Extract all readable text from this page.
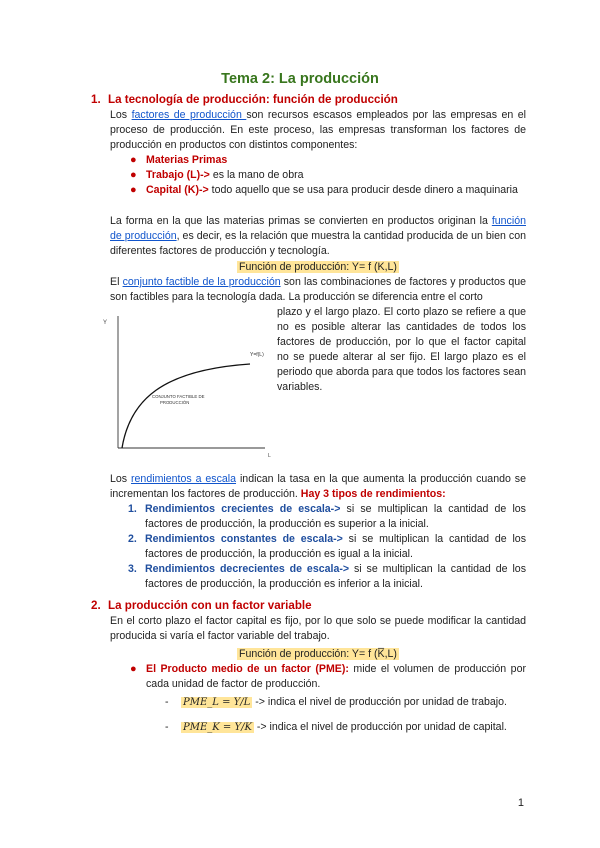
Tema 2: La producción
1. La tecnología de producción: función de producción
Los factores de producción son recursos escasos empleados por las empresas en el proceso de producción. En este proceso, las empresas transforman los factores de producción en productos con distintos componentes:
● Materias Primas
● Trabajo (L)-> es la mano de obra
● Capital (K)-> todo aquello que se usa para producir desde dinero a maquinaria
La forma en la que las materias primas se convierten en productos originan la función de producción, es decir, es la relación que muestra la cantidad producida de un bien con diferentes factores de producción y tecnología.
Función de producción: Y= f (K,L)
El conjunto factible de la producción son las combinaciones de factores y productos que son factibles para la tecnología dada. La producción se diferencia entre el corto
plazo y el largo plazo. El corto plazo se refiere a que no es posible alterar las cantidades de todos los factores de producción, por lo que el factor capital no se puede alterar al ser fijo. El largo plazo es el periodo que aborda para que todos los factores sean variables.
Y
Y=f(L)
CONJUNTO FACTIBLE DE
PRODUCCIÓN
L
Los rendimientos a escala indican la tasa en la que aumenta la producción cuando se incrementan los factores de producción. Hay 3 tipos de rendimientos:
1. Rendimientos crecientes de escala-> si se multiplican la cantidad de los factores de producción, la producción es superior a la inicial.
2. Rendimientos constantes de escala-> si se multiplican la cantidad de los factores de producción, la producción es igual a la inicial.
3. Rendimientos decrecientes de escala-> si se multiplican la cantidad de los factores de producción, la producción es inferior a la inicial.
2. La producción con un factor variable
En el corto plazo el factor capital es fijo, por lo que solo se puede modificar la cantidad producida si varía el factor variable del trabajo.
Función de producción: Y= f (K̅,L)
● El Producto medio de un factor (PME): mide el volumen de producción por cada unidad de factor de producción.
- PME_L = Y/L -> indica el nivel de producción por unidad de trabajo.
- PME_K = Y/K -> indica el nivel de producción por unidad de capital.
1
